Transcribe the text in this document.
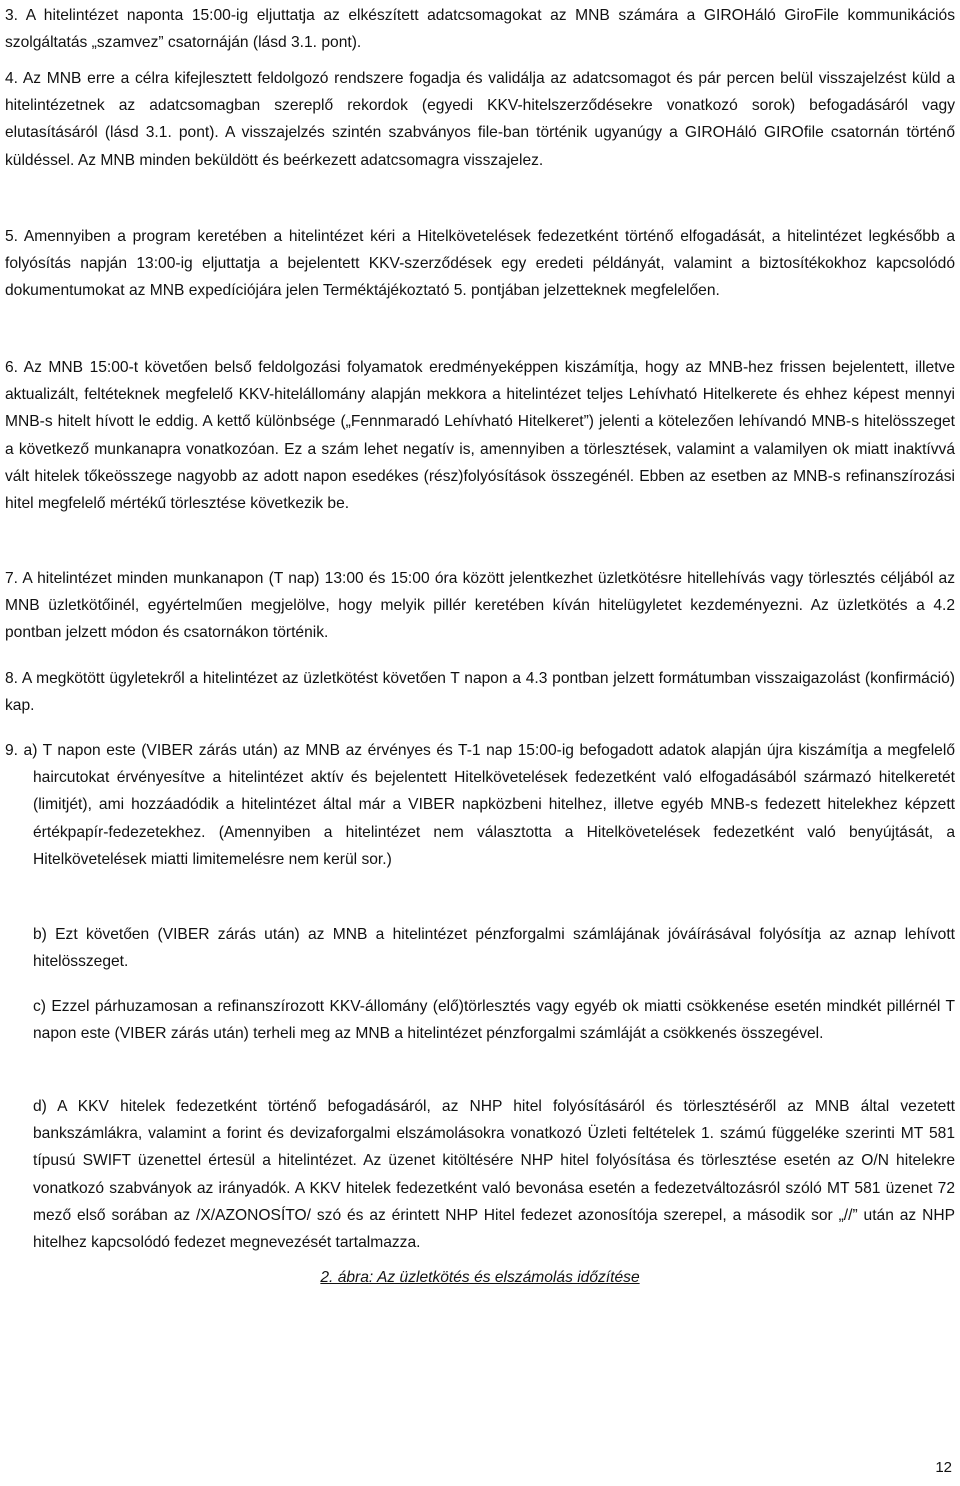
3. A hitelintézet naponta 15:00-ig eljuttatja az elkészített adatcsomagokat az MNB számára a GIROHáló GiroFile kommunikációs szolgáltatás „szamvez” csatornáján (lásd 3.1. pont).

4. Az MNB erre a célra kifejlesztett feldolgozó rendszere fogadja és validálja az adatcsomagot és pár percen belül visszajelzést küld a hitelintézetnek az adatcsomagban szereplő rekordok (egyedi KKV-hitelszerződésekre vonatkozó sorok) befogadásáról vagy elutasításáról (lásd 3.1. pont). A visszajelzés szintén szabványos file-ban történik ugyanúgy a GIROHáló GIROfile csatornán történő küldéssel. Az MNB minden beküldött és beérkezett adatcsomagra visszajelez.

5. Amennyiben a program keretében a hitelintézet kéri a Hitelkövetelések fedezetként történő elfogadását, a hitelintézet legkésőbb a folyósítás napján 13:00-ig eljuttatja a bejelentett KKV-szerződések egy eredeti példányát, valamint a biztosítékokhoz kapcsolódó dokumentumokat az MNB expedíciójára jelen Terméktájékoztató 5. pontjában jelzetteknek megfelelően.

6. Az MNB 15:00-t követően belső feldolgozási folyamatok eredményeképpen kiszámítja, hogy az MNB-hez frissen bejelentett, illetve aktualizált, feltéteknek megfelelő KKV-hitelállomány alapján mekkora a hitelintézet teljes Lehívható Hitelkerete és ehhez képest mennyi MNB-s hitelt hívott le eddig. A kettő különbsége („Fennmaradó Lehívható Hitelkeret”) jelenti a kötelezően lehívandó MNB-s hitelösszeget a következő munkanapra vonatkozóan. Ez a szám lehet negatív is, amennyiben a törlesztések, valamint a valamilyen ok miatt inaktívvá vált hitelek tőkeösszege nagyobb az adott napon esedékes (rész)folyósítások összegénél. Ebben az esetben az MNB-s refinanszírozási hitel megfelelő mértékű törlesztése következik be.

7. A hitelintézet minden munkanapon (T nap) 13:00 és 15:00 óra között jelentkezhet üzletkötésre hitellehívás vagy törlesztés céljából az MNB üzletkötőinél, egyértelműen megjelölve, hogy melyik pillér keretében kíván hitelügyletet kezdeményezni. Az üzletkötés a 4.2 pontban jelzett módon és csatornákon történik.

8. A megkötött ügyletekről a hitelintézet az üzletkötést követően T napon a 4.3 pontban jelzett formátumban visszaigazolást (konfirmáció) kap.

9. a) T napon este (VIBER zárás után) az MNB az érvényes és T-1 nap 15:00-ig befogadott adatok alapján újra kiszámítja a megfelelő haircutokat érvényesítve a hitelintézet aktív és bejelentett Hitelkövetelések fedezetként való elfogadásából származó hitelkeretét (limitjét), ami hozzáadódik a hitelintézet által már a VIBER napközbeni hitelhez, illetve egyéb MNB-s fedezett hitelekhez képzett értékpapír-fedezetekhez. (Amennyiben a hitelintézet nem választotta a Hitelkövetelések fedezetként való benyújtását, a Hitelkövetelések miatti limitemelésre nem kerül sor.)

b) Ezt követően (VIBER zárás után) az MNB a hitelintézet pénzforgalmi számlájának jóváírásával folyósítja az aznap lehívott hitelösszeget.

c) Ezzel párhuzamosan a refinanszírozott KKV-állomány (elő)törlesztés vagy egyéb ok miatti csökkenése esetén mindkét pillérnél T napon este (VIBER zárás után) terheli meg az MNB a hitelintézet pénzforgalmi számláját a csökkenés összegével.

d) A KKV hitelek fedezetként történő befogadásáról, az NHP hitel folyósításáról és törlesztéséről az MNB által vezetett bankszámlákra, valamint a forint és devizaforgalmi elszámolásokra vonatkozó Üzleti feltételek 1. számú függeléke szerinti MT 581 típusú SWIFT üzenettel értesül a hitelintézet. Az üzenet kitöltésére NHP hitel folyósítása és törlesztése esetén az O/N hitelekre vonatkozó szabványok az irányadók. A KKV hitelek fedezetként való bevonása esetén a fedezetváltozásról szóló MT 581 üzenet 72 mező első sorában az /X/AZONOSÍTO/ szó és az érintett NHP Hitel fedezet azonosítója szerepel, a második sor „//” után az NHP hitelhez kapcsolódó fedezet megnevezését tartalmazza.

2. ábra: Az üzletkötés és elszámolás időzítése
12
